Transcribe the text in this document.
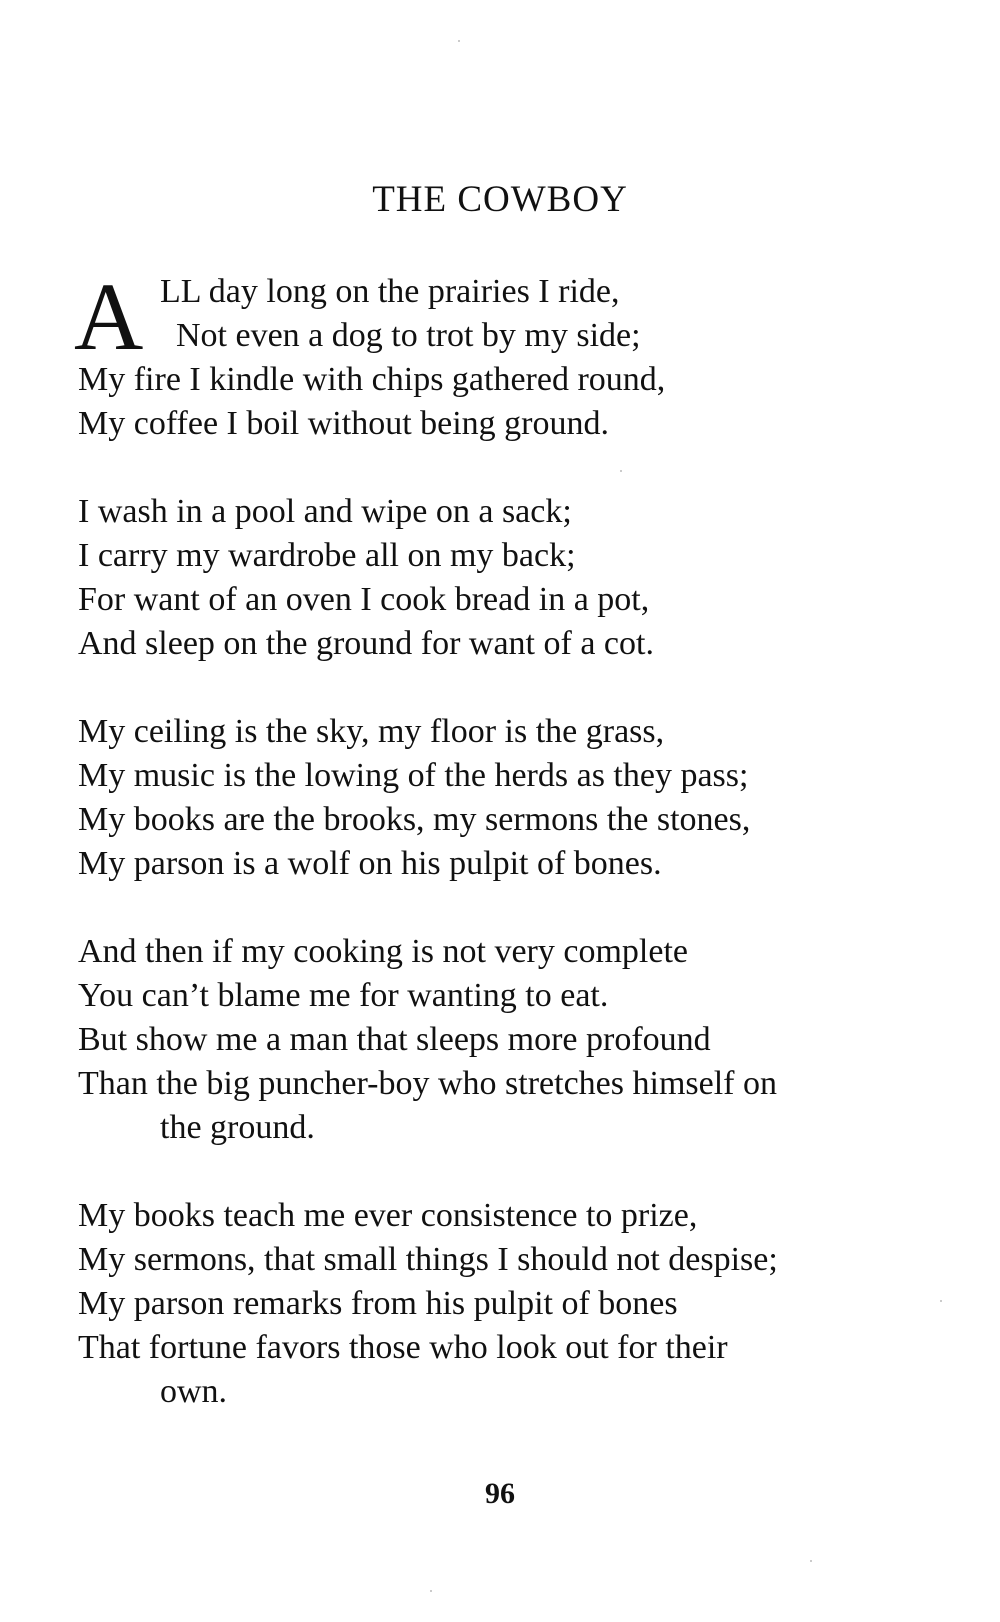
THE COWBOY
A LL day long on the prairies I ride,
Not even a dog to trot by my side;
My fire I kindle with chips gathered round,
My coffee I boil without being ground.
I wash in a pool and wipe on a sack;
I carry my wardrobe all on my back;
For want of an oven I cook bread in a pot,
And sleep on the ground for want of a cot.
My ceiling is the sky, my floor is the grass,
My music is the lowing of the herds as they pass;
My books are the brooks, my sermons the stones,
My parson is a wolf on his pulpit of bones.
And then if my cooking is not very complete
You can’t blame me for wanting to eat.
But show me a man that sleeps more profound
Than the big puncher-boy who stretches himself on
the ground.
My books teach me ever consistence to prize,
My sermons, that small things I should not despise;
My parson remarks from his pulpit of bones
That fortune favors those who look out for their
own.
96
